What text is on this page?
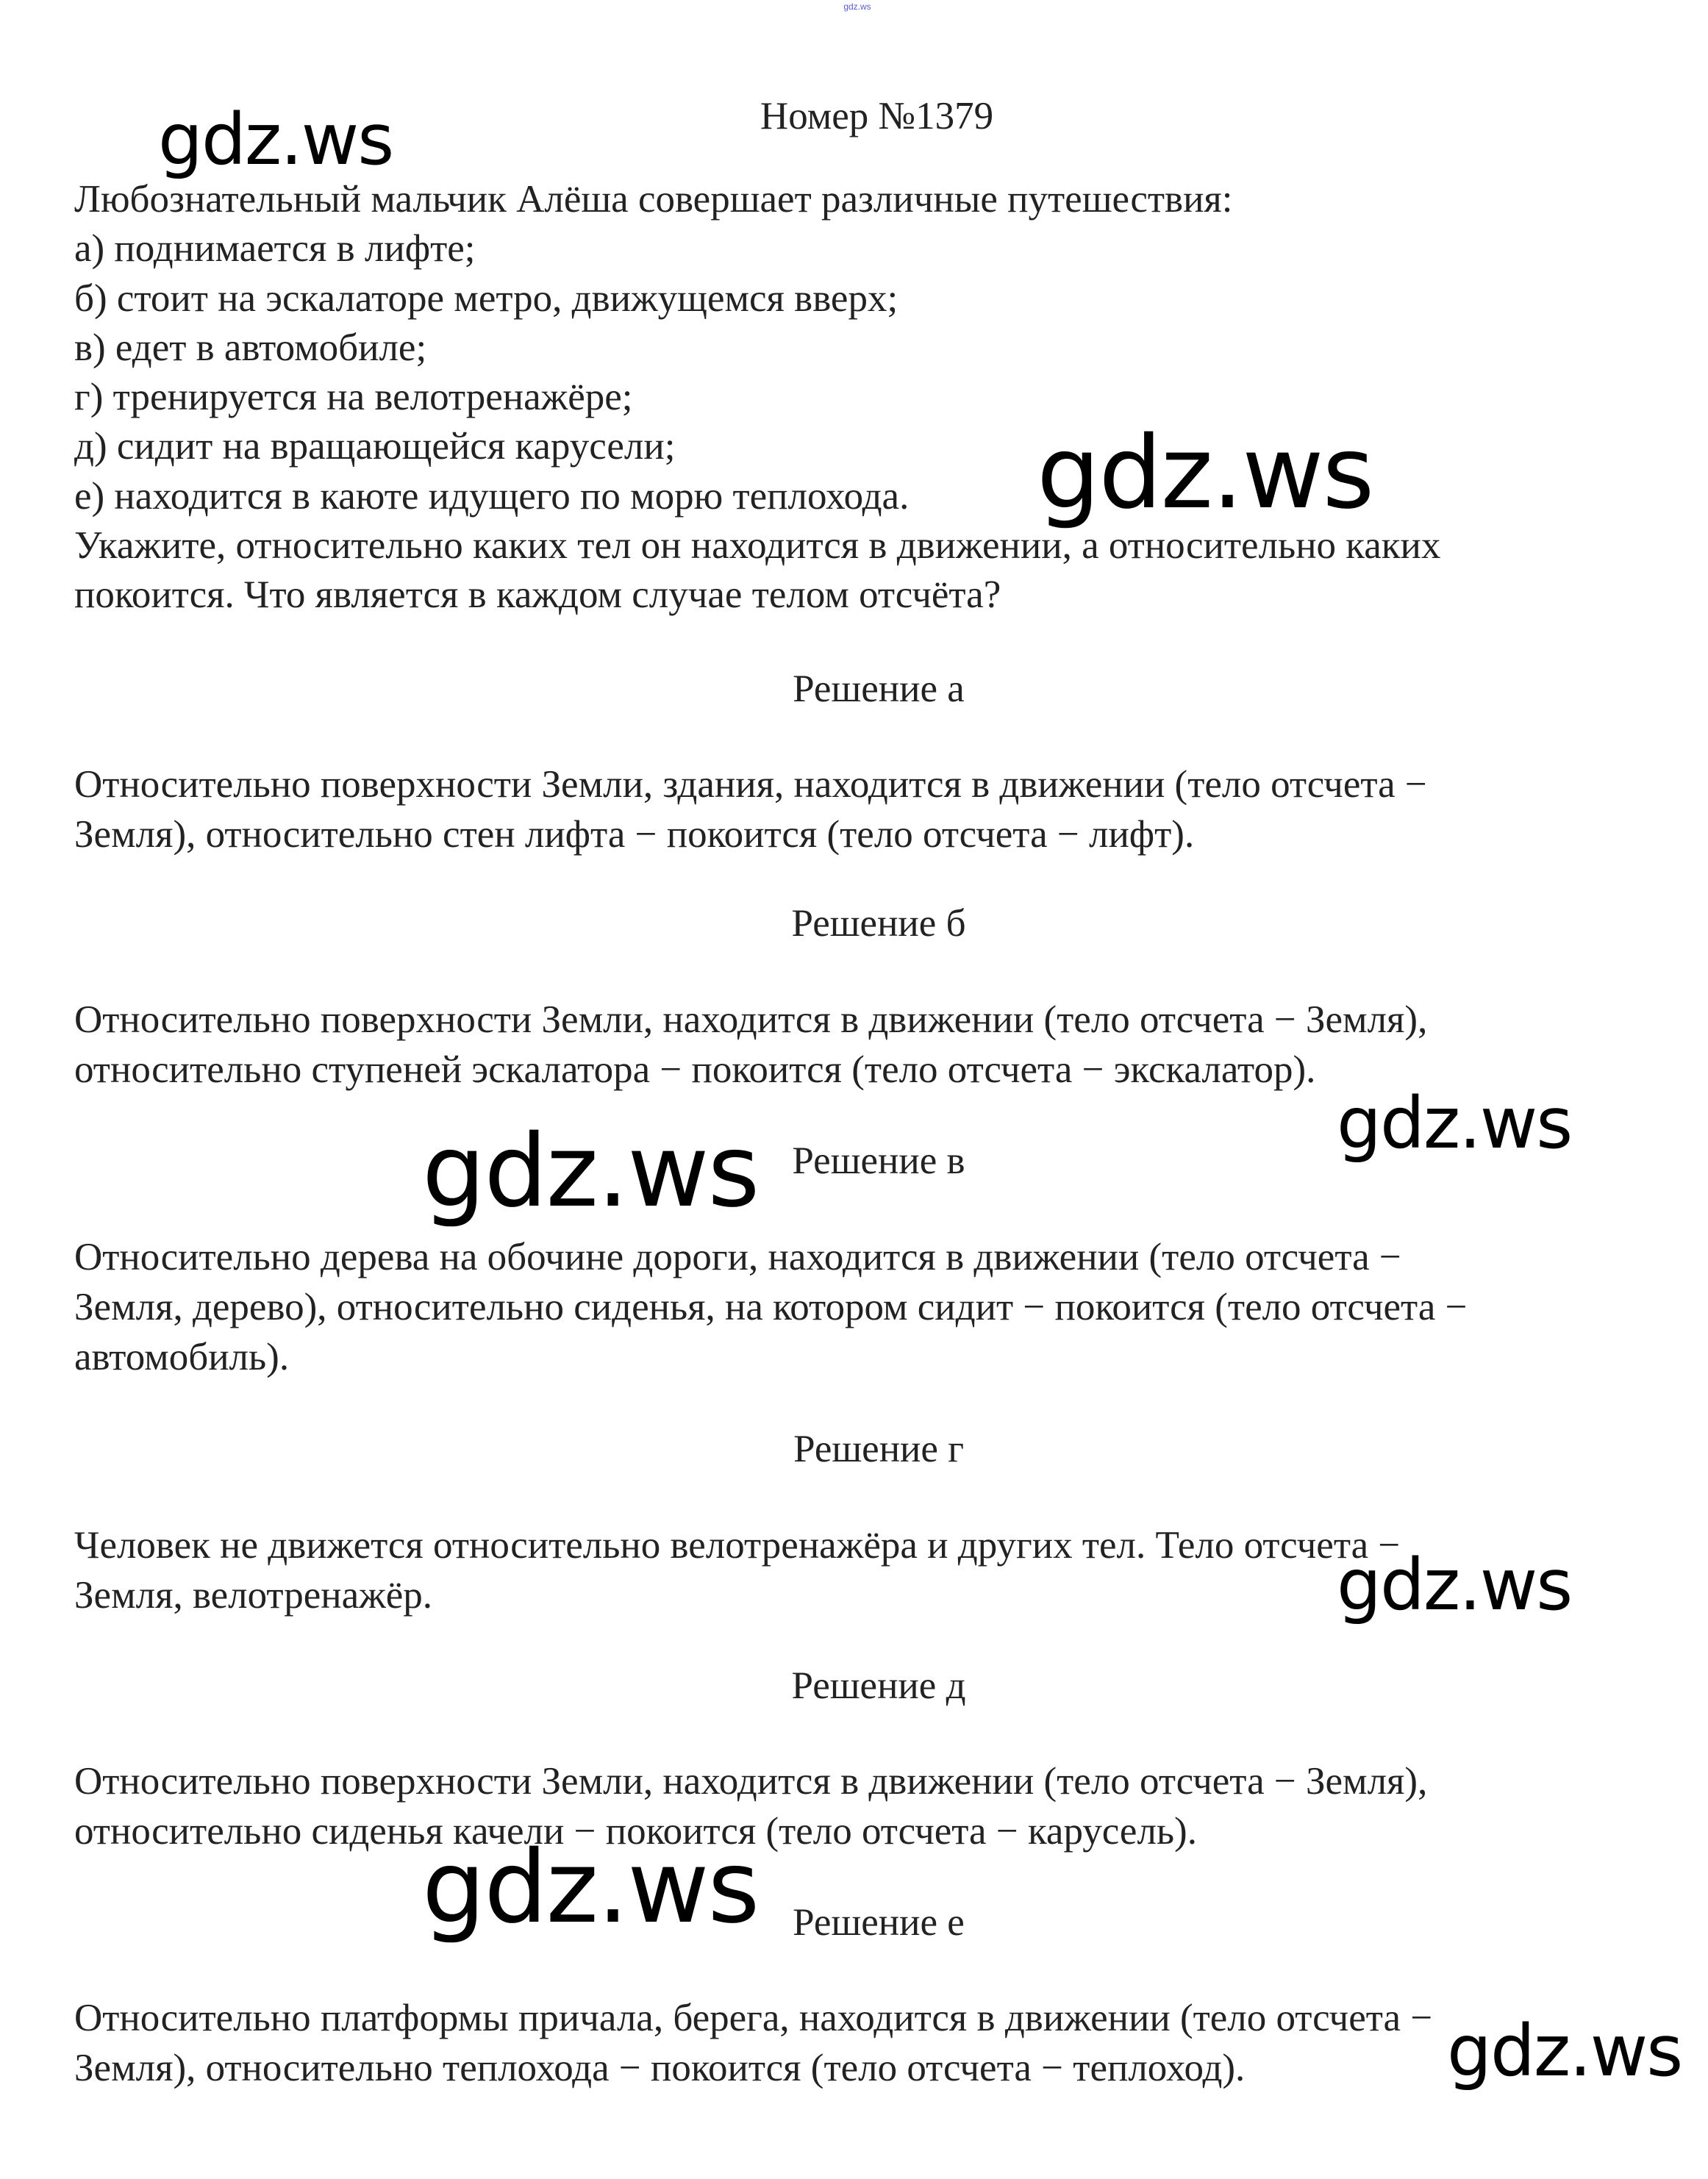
gdz.ws
Номер №1379
Любознательный мальчик Алёша совершает различные путешествия:
а) поднимается в лифте;
б) стоит на эскалаторе метро, движущемся вверх;
в) едет в автомобиле;
г) тренируется на велотренажёре;
д) сидит на вращающейся карусели;
е) находится в каюте идущего по морю теплохода.
Укажите, относительно каких тел он находится в движении, а относительно каких
покоится. Что является в каждом случае телом отсчёта?
Решение а
Относительно поверхности Земли, здания, находится в движении (тело отсчета −
Земля), относительно стен лифта − покоится (тело отсчета − лифт).
Решение б
Относительно поверхности Земли, находится в движении (тело отсчета − Земля),
относительно ступеней эскалатора − покоится (тело отсчета − экскалатор).
Решение в
Относительно дерева на обочине дороги, находится в движении (тело отсчета −
Земля, дерево), относительно сиденья, на котором сидит − покоится (тело отсчета −
автомобиль).
Решение г
Человек не движется относительно велотренажёра и других тел. Тело отсчета −
Земля, велотренажёр.
Решение д
Относительно поверхности Земли, находится в движении (тело отсчета − Земля),
относительно сиденья качели − покоится (тело отсчета − карусель).
Решение е
Относительно платформы причала, берега, находится в движении (тело отсчета −
Земля), относительно теплохода − покоится (тело отсчета − теплоход).
gdz.ws
gdz.ws
gdz.ws
gdz.ws
gdz.ws
gdz.ws
gdz.ws
